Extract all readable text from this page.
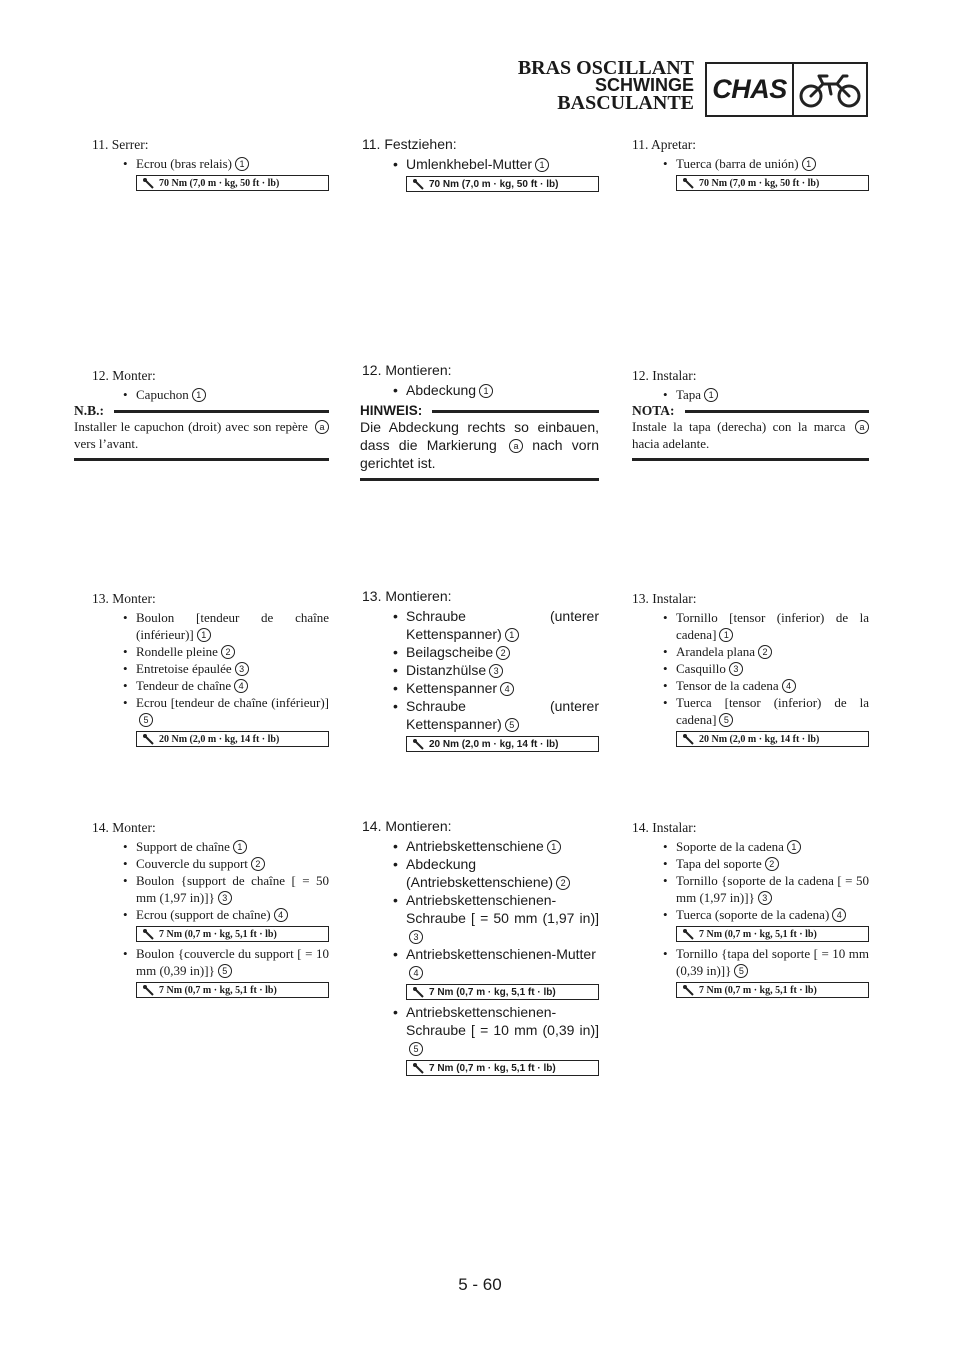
BRAS OSCILLANT
SCHWINGE
BASCULANTE CHAS
11. Serrer:
• Ecrou (bras relais) 1
70 Nm (7,0 m · kg, 50 ft · lb)
12. Monter:
• Capuchon 1
N.B.:
Installer le capuchon (droit) avec son repère a vers l’avant.
13. Monter:
• Boulon [tendeur de chaîne (inférieur)] 1
• Rondelle pleine 2
• Entretoise épaulée 3
• Tendeur de chaîne 4
• Ecrou [tendeur de chaîne (inférieur)]5
20 Nm (2,0 m · kg, 14 ft · lb)
14. Monter:
• Support de chaîne 1
• Couvercle du support 2
• Boulon {support de chaîne [ = 50 mm (1,97 in)]} 3
• Ecrou (support de chaîne) 4
7 Nm (0,7 m · kg, 5,1 ft · lb)
• Boulon {couvercle du support [ = 10 mm (0,39 in)]} 5
7 Nm (0,7 m · kg, 5,1 ft · lb)
11. Festziehen:
• Umlenkhebel-Mutter 1
70 Nm (7,0 m · kg, 50 ft · lb)
12. Montieren:
• Abdeckung 1
HINWEIS:
Die Abdeckung rechts so einbauen, dass die Markierung a nach vorn gerichtet ist.
13. Montieren:
• Schraube (unterer Kettenspanner) 1
• Beilagscheibe 2
• Distanzhülse 3
• Kettenspanner 4
• Schraube (unterer Kettenspanner) 5
20 Nm (2,0 m · kg, 14 ft · lb)
14. Montieren:
• Antriebskettenschiene 1
• Abdeckung (Antriebskettenschiene) 2
• Antriebskettenschienen-Schraube [ = 50 mm (1,97 in)]3
• Antriebskettenschienen-Mutter4
7 Nm (0,7 m · kg, 5,1 ft · lb)
• Antriebskettenschienen-Schraube [ = 10 mm (0,39 in)]5
7 Nm (0,7 m · kg, 5,1 ft · lb)
11. Apretar:
• Tuerca (barra de unión) 1
70 Nm (7,0 m · kg, 50 ft · lb)
12. Instalar:
• Tapa 1
NOTA:
Instale la tapa (derecha) con la marca a hacia adelante.
13. Instalar:
• Tornillo [tensor (inferior) de la cadena] 1
• Arandela plana 2
• Casquillo 3
• Tensor de la cadena 4
• Tuerca [tensor (inferior) de la cadena] 5
20 Nm (2,0 m · kg, 14 ft · lb)
14. Instalar:
• Soporte de la cadena 1
• Tapa del soporte 2
• Tornillo {soporte de la cadena [ = 50 mm (1,97 in)]} 3
• Tuerca (soporte de la cadena) 4
7 Nm (0,7 m · kg, 5,1 ft · lb)
• Tornillo {tapa del soporte [ = 10 mm (0,39 in)]} 5
7 Nm (0,7 m · kg, 5,1 ft · lb)
5 - 60
